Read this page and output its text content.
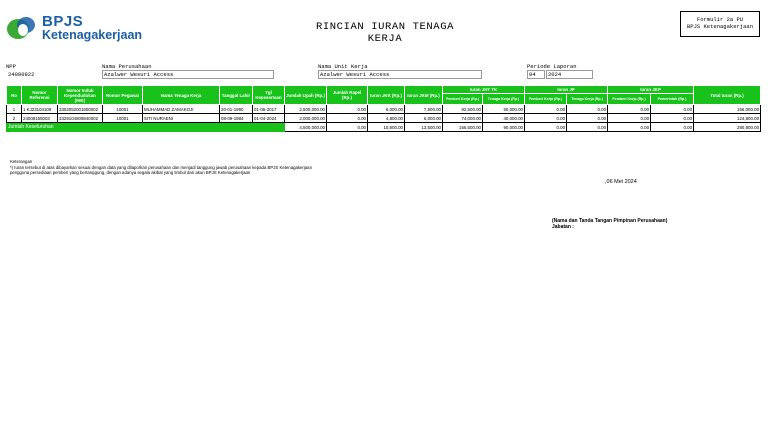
BPJS
Ketenagakerjaan
RINCIAN IURAN TENAGA KERJA
Formulir 2a PU
BPJS Ketenagakerjaan
NPP
24090922
Nama Perusahaan
Azalwer Wesuri Access
Nama Unit Kerja
Azalwer Wesuri Access
Periode Laporan
04	2024
No	Nomor Referensi	Nomor Induk Kependudukan (NIK)	Nomor Pegawai	Nama Tenaga Kerja	Tanggal Lahir	Tgl Kepesertaan	Jumlah Upah (Rp.)	Jumlah Rapel (Rp.)	Iuran JKK (Rp.)	Iuran JKM (Rp.)	Iuran JHT TK		Iuran JP		Iuran JKP		Total Iuran (Rp.)
											Pemberi Kerja (Rp.)	Tenaga Kerja (Rp.)	Pemberi Kerja (Rp.)	Tenaga Kerja (Rp.)	Pemberi Kerja (Rp.)	Pemerintah (Rp.)	
1	1 KJ23104109	3302052001900002	10001	MUHAMMAD ZAMAKOJI	20-01-1990	01-06-2017	2,500,000.00	0.00	6,000.00	7,500.00	92,500.00	50,000.00	0.00	0.00	0.00	0.00	156,000.00
2	24008155003	3329104809840002	10001	SITI NURAENI	08-09-1984	01-04-2024	2,000,000.00	0.00	4,800.00	6,000.00	74,000.00	40,000.00	0.00	0.00	0.00	0.00	124,800.00
Jumlah Keseluruhan							4,500,000.00	0.00	10,800.00	13,500.00	166,500.00	90,000.00	0.00	0.00	0.00	0.00	280,800.00
Keterangan
*) Iuran tersebut di atas dibayarkan sesuai dengan data yang dilaporkan perusahaan dan menjadi tanggung jawab perusahaan kepada BPJS Ketenagakerjaan
pengguna persediaan pemberi yang bertanggung, dengan adanya segala akibat yang timbul dari akun BPJS Ketenagakerjaan
,06 Mei 2024
(Nama dan Tanda Tangan Pimpinan Perusahaan)
Jabatan :
